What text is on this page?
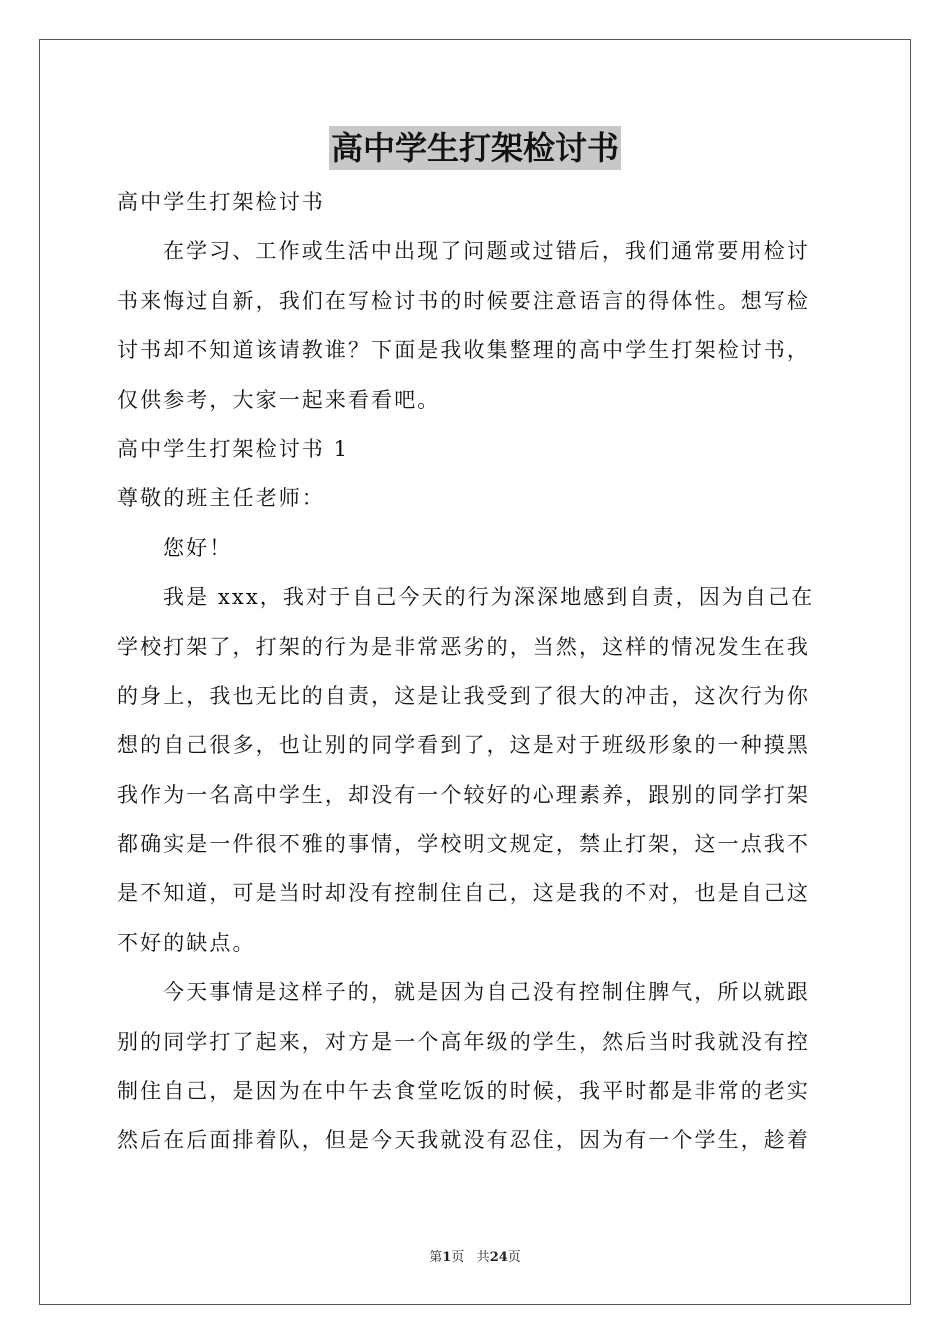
高中学生打架检讨书
高中学生打架检讨书
在学习、工作或生活中出现了问题或过错后，我们通常要用检讨
书来悔过自新，我们在写检讨书的时候要注意语言的得体性。想写检
讨书却不知道该请教谁？下面是我收集整理的高中学生打架检讨书，
仅供参考，大家一起来看看吧。
高中学生打架检讨书 1
尊敬的班主任老师：
您好！
我是 xxx，我对于自己今天的行为深深地感到自责，因为自己在
学校打架了，打架的行为是非常恶劣的，当然，这样的情况发生在我
的身上，我也无比的自责，这是让我受到了很大的冲击，这次行为你
想的自己很多，也让别的同学看到了，这是对于班级形象的一种摸黑
我作为一名高中学生，却没有一个较好的心理素养，跟别的同学打架
都确实是一件很不雅的事情，学校明文规定，禁止打架，这一点我不
是不知道，可是当时却没有控制住自己，这是我的不对，也是自己这
不好的缺点。
今天事情是这样子的，就是因为自己没有控制住脾气，所以就跟
别的同学打了起来，对方是一个高年级的学生，然后当时我就没有控
制住自己，是因为在中午去食堂吃饭的时候，我平时都是非常的老实
然后在后面排着队，但是今天我就没有忍住，因为有一个学生，趁着
第1页 共24页
